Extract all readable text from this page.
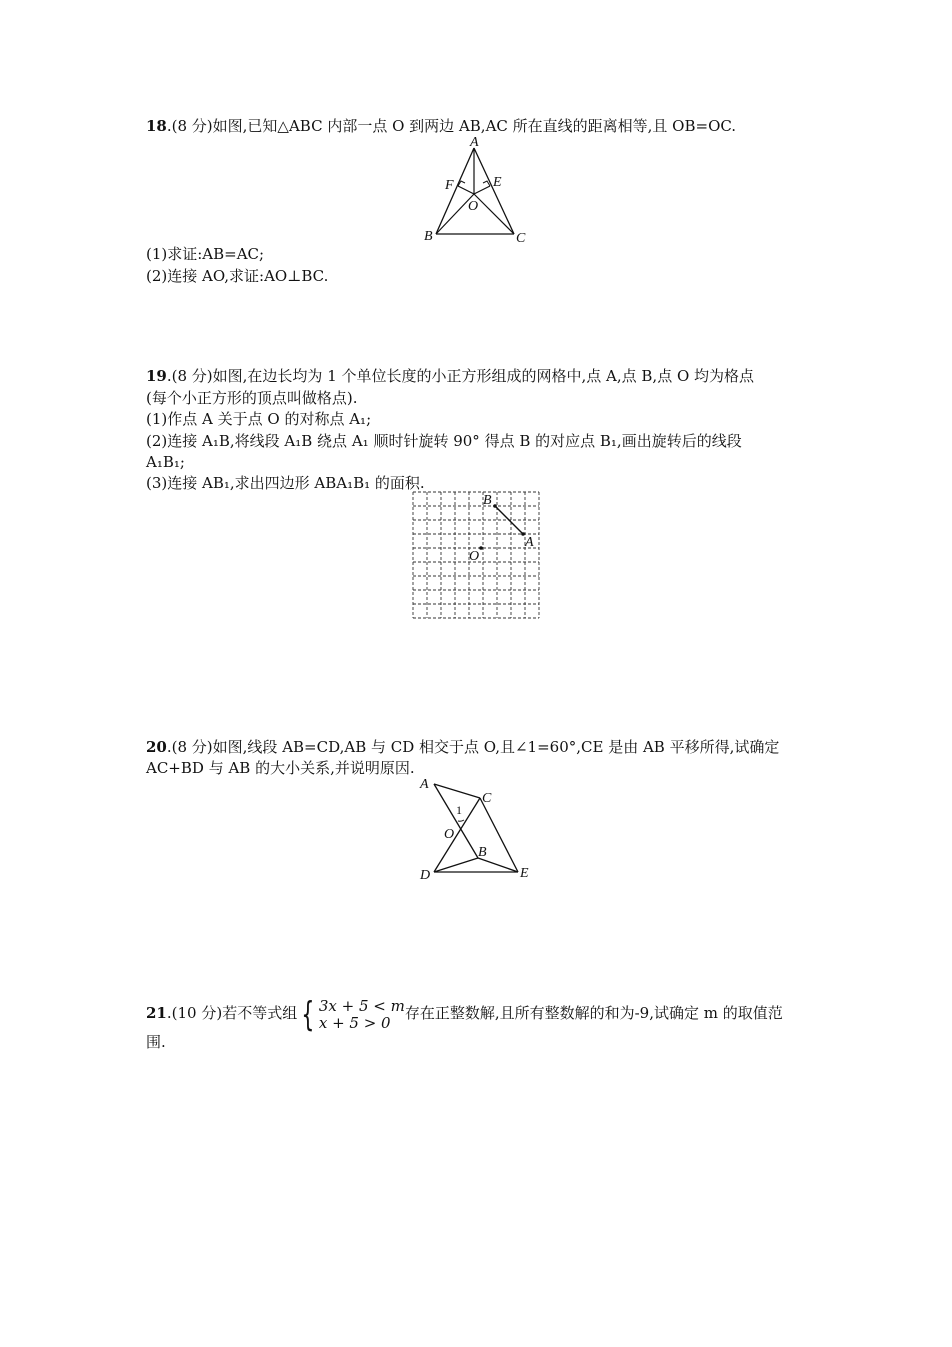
18.(8 分)如图,已知△ABC 内部一点 O 到两边 AB,AC 所在直线的距离相等,且 OB=OC.
A
B	C
E
F
O
(1)求证:AB=AC;
(2)连接 AO,求证:AO⊥BC.
19.(8 分)如图,在边长均为 1 个单位长度的小正方形组成的网格中,点 A,点 B,点 O 均为格点
(每个小正方形的顶点叫做格点).
(1)作点 A 关于点 O 的对称点 A₁;
(2)连接 A₁B,将线段 A₁B 绕点 A₁ 顺时针旋转 90° 得点 B 的对应点 B₁,画出旋转后的线段
A₁B₁;
(3)连接 AB₁,求出四边形 ABA₁B₁ 的面积.
B
A
O
20.(8 分)如图,线段 AB=CD,AB 与 CD 相交于点 O,且∠1=60°,CE 是由 AB 平移所得,试确定
AC+BD 与 AB 的大小关系,并说明原因.
A
C
1
O
B
D	E
21.(10 分)若不等式组 { 3x + 5 < m
x + 5 > 0
存在正整数解,且所有整数解的和为-9,试确定 m 的取值范
围.
